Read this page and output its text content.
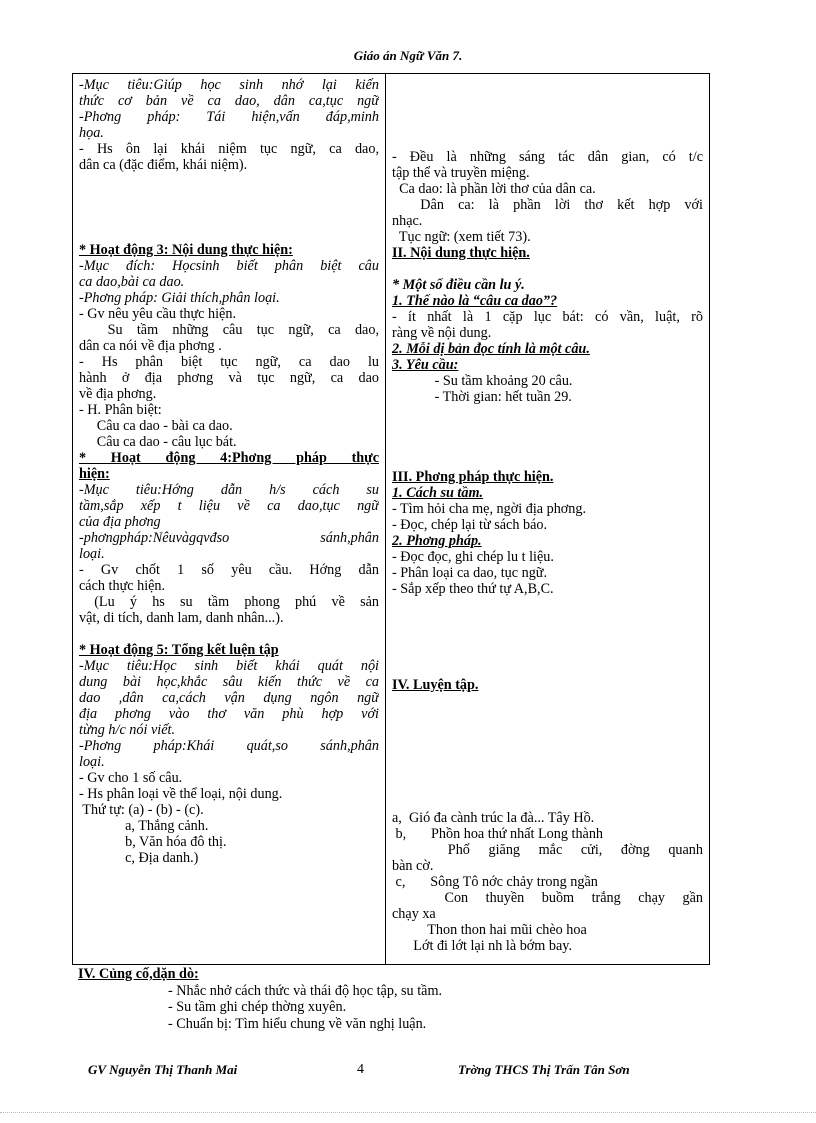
Giáo án Ngữ Văn 7.
-Mục tiêu:Giúp học sinh nhớ lại kiến
thức cơ bản về ca dao, dân ca,tục ngữ
-Phơng pháp: Tái hiện,vấn đáp,minh
họa.
- Hs ôn lại khái niệm tục ngữ, ca dao,
dân ca (đặc điểm, khái niệm).
* Hoạt động 3: Nội dung thực hiện:
-Mục đích: Họcsinh biết phân biệt câu
ca dao,bài ca dao.
-Phơng pháp: Giải thích,phân loại.
- Gv nêu yêu cầu thực hiện.
Su tầm những câu tục ngữ, ca dao,
dân ca nói về địa phơng .
- Hs phân biệt tục ngữ, ca dao lu
hành ở địa phơng và tục ngữ, ca dao
về địa phơng.
- H. Phân biệt:
Câu ca dao - bài ca dao.
Câu ca dao - câu lục bát.
* Hoạt động 4:Phơng pháp thực
hiện:
-Mục tiêu:Hớng dẫn h/s cách su
tầm,sắp xếp t liệu về ca dao,tục ngữ
của địa phơng
-phơngpháp:Nêuvàgqvđso sánh,phân
loại.
- Gv chốt 1 số yêu cầu. Hớng dẫn
cách thực hiện.
(Lu ý hs su tầm phong phú về sản
vật, di tích, danh lam, danh nhân...).
* Hoạt động 5: Tổng kết luện tập
-Mục tiêu:Học sinh biết khái quát nội
dung bài học,khắc sâu kiến thức về ca
dao ,dân ca,cách vận dụng ngôn ngữ
địa phơng vào thơ văn phù hợp với
từng h/c nói viết.
-Phơng pháp:Khái quát,so sánh,phân
loại.
- Gv cho 1 số câu.
- Hs phân loại về thể loại, nội dung.
Thứ tự: (a) - (b) - (c).
a, Thắng cảnh.
b, Văn hóa đô thị.
c, Địa danh.)

- Đều là những sáng tác dân gian, có t/c
tập thể và truyền miệng.
Ca dao: là phần lời thơ của dân ca.
Dân ca: là phần lời thơ kết hợp với
nhạc.
Tục ngữ: (xem tiết 73).
II. Nội dung thực hiện.
* Một số điều cần lu ý.
1. Thế nào là “câu ca dao”?
- ít nhất là 1 cặp lục bát: có vần, luật, rõ
ràng về nội dung.
2. Mỗi dị bản đọc tính là một câu.
3. Yêu cầu:
- Su tầm khoảng 20 câu.
- Thời gian: hết tuần 29.
III. Phơng pháp thực hiện.
1. Cách su tầm.
- Tìm hỏi cha mẹ, ngời địa phơng.
- Đọc, chép lại từ sách báo.
2. Phơng pháp.
- Đọc đọc, ghi chép lu t liệu.
- Phân loại ca dao, tục ngữ.
- Sắp xếp theo thứ tự A,B,C.
IV. Luyện tập.
a,  Gió đa cành trúc la đà... Tây Hồ.
b,       Phồn hoa thứ nhất Long thành
Phố giăng mắc cửi, đờng quanh
bàn cờ.
c,       Sông Tô nớc chảy trong ngần
Con thuyền buồm trắng chạy gần
chạy xa
Thon thon hai mũi chèo hoa
Lớt đi lớt lại nh là bớm bay.
IV. Củng cố,dặn dò:
- Nhắc nhở cách thức và thái độ học tập, su tầm.
- Su tầm ghi chép thờng xuyên.
- Chuẩn bị: Tìm hiểu chung về văn nghị luận.
GV Nguyễn Thị Thanh Mai	4	Trờng THCS Thị Trấn Tân Sơn
